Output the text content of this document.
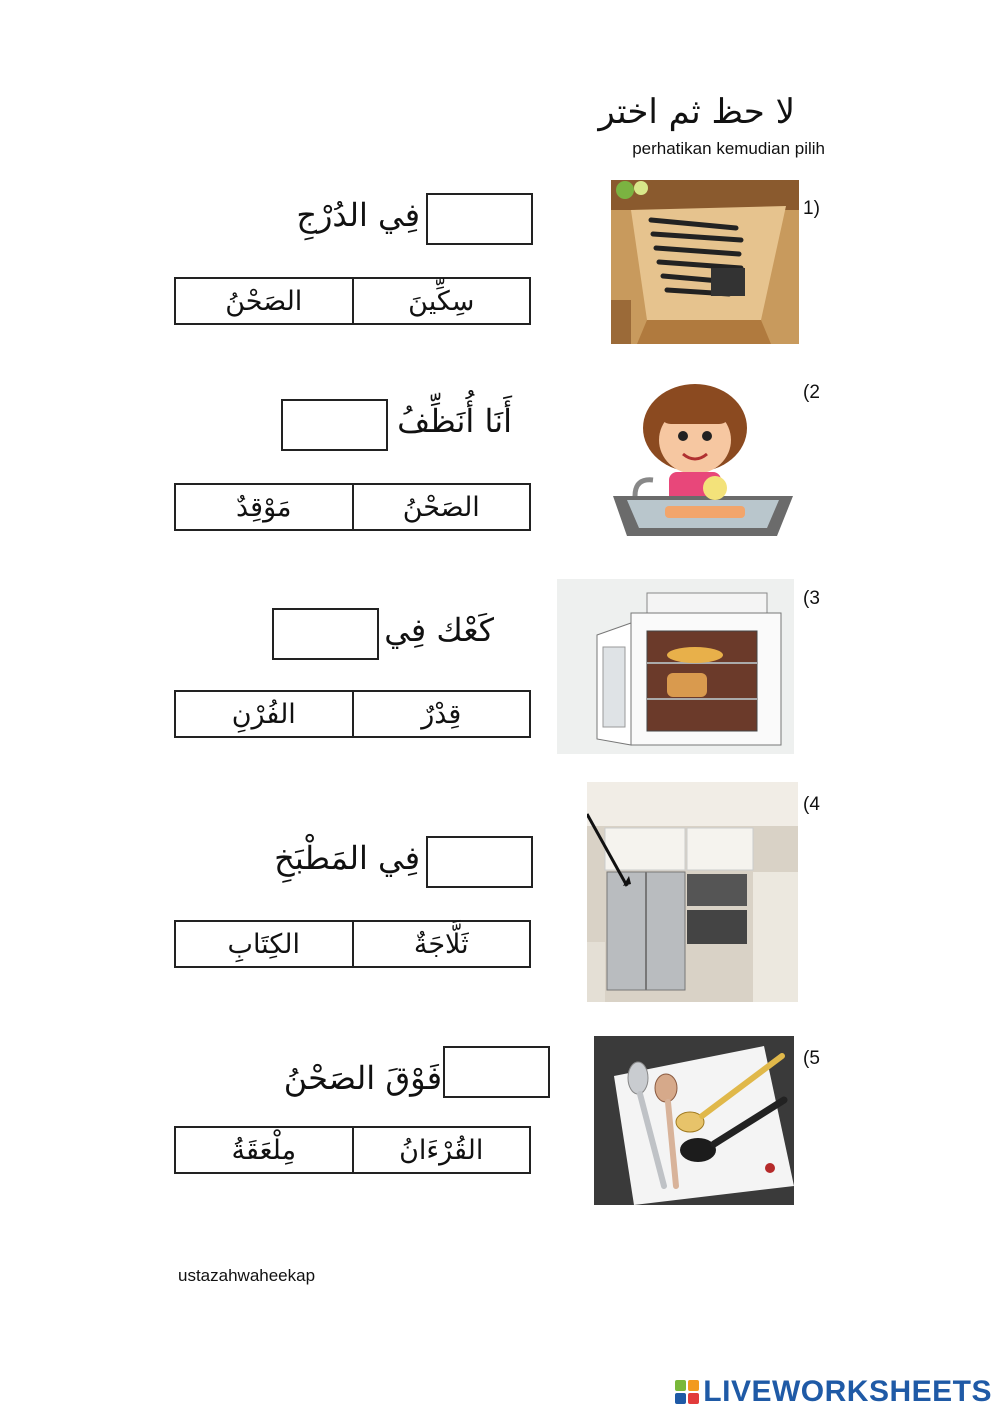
لا حظ ثم اختر
perhatikan kemudian pilih
1)
فِي الدُرْجِ
الصَحْنُ	سِكِّينَ
(2
أَنَا أُنَظِّفُ
مَوْقِدٌ	الصَحْنُ
(3
كَعْك فِي
الفُرْنِ	قِدْرٌ
(4
فِي المَطْبَخِ
الكِتَابِ	ثَلَّاجَةٌ
(5
فَوْقَ الصَحْنُ
مِلْعَقَةُ	القُرْءَانُ
ustazahwaheekap
LIVEWORKSHEETS
